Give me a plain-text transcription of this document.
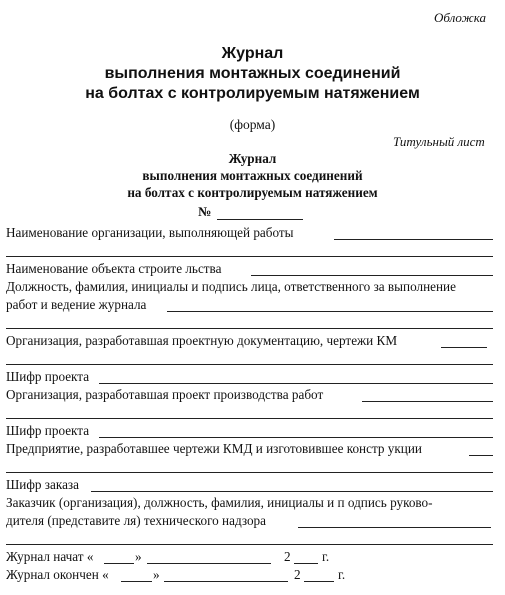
Обложка
Журнал
выполнения монтажных соединений
на болтах с контролируемым натяжением
(форма)
Титульный лист
Журнал
выполнения монтажных соединений
на болтах с контролируемым натяжением
№
Наименование организации, выполняющей работы
Наименование объекта строите льства
Должность, фамилия, инициалы и подпись лица, ответственного за выполнение
работ и ведение журнала
Организация, разработавшая проектную документацию, чертежи КМ
Шифр проекта
Организация, разработавшая проект производства работ
Шифр проекта
Предприятие, разработавшее чертежи КМД и изготовившее констр укции
Шифр заказа
Заказчик (организация), должность, фамилия, инициалы и п одпись руково-
дителя (представите ля) технического надзора
Журнал начат «	»	2 г.
Журнал окончен «	»	2	г.
